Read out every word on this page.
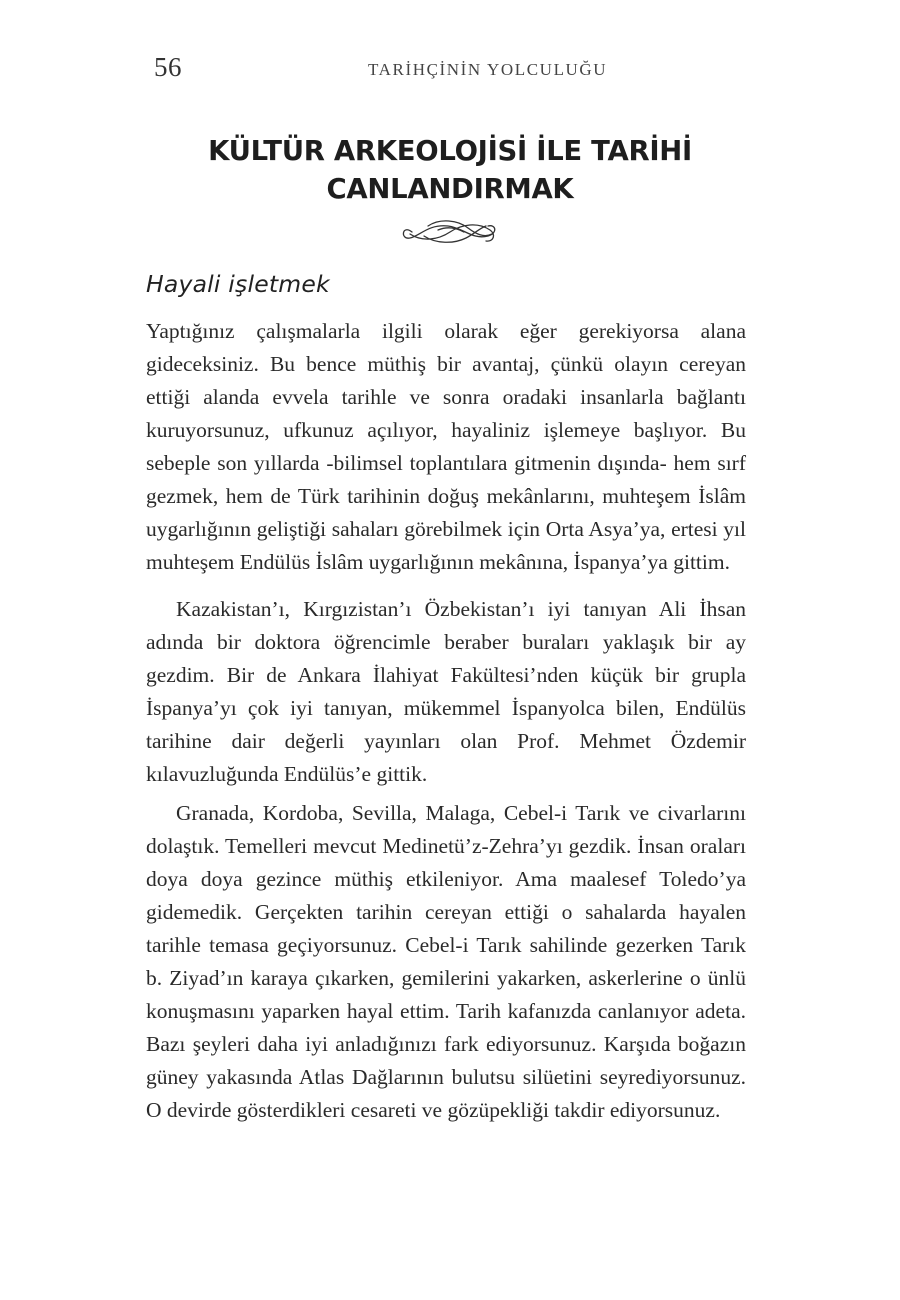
56	TARİHÇİNİN YOLCULUĞU
KÜLTÜR ARKEOLOJİSİ İLE TARİHİ
CANLANDIRMAK
Hayali işletmek

Yaptığınız çalışmalarla ilgili olarak eğer gerekiyorsa alana gideceksiniz. Bu bence müthiş bir avantaj, çünkü olayın cereyan ettiği alanda evvela tarihle ve sonra oradaki insanlarla bağlantı kuruyorsunuz, ufkunuz açılıyor, hayaliniz işlemeye başlıyor. Bu sebeple son yıllarda -bilimsel toplantılara gitmenin dışında- hem sırf gezmek, hem de Türk tarihinin doğuş mekânlarını, muhteşem İslâm uygarlığının geliştiği sahaları görebilmek için Orta Asya’ya, ertesi yıl muhteşem Endülüs İslâm uygarlığının mekânına, İspanya’ya gittim.

Kazakistan’ı, Kırgızistan’ı Özbekistan’ı iyi tanıyan Ali İhsan adında bir doktora öğrencimle beraber buraları yaklaşık bir ay gezdim. Bir de Ankara İlahiyat Fakültesi’nden küçük bir grupla İspanya’yı çok iyi tanıyan, mükemmel İspanyolca bilen, Endülüs tarihine dair değerli yayınları olan Prof. Mehmet Özdemir kılavuzluğunda Endülüs’e gittik.

Granada, Kordoba, Sevilla, Malaga, Cebel-i Tarık ve civarlarını dolaştık. Temelleri mevcut Medinetü’z-Zehra’yı gezdik. İnsan oraları doya doya gezince müthiş etkileniyor. Ama maalesef Toledo’ya gidemedik. Gerçekten tarihin cereyan ettiği o sahalarda hayalen tarihle temasa geçiyorsunuz. Cebel-i Tarık sahilinde gezerken Tarık b. Ziyad’ın karaya çıkarken, gemilerini yakarken, askerlerine o ünlü konuşmasını yaparken hayal ettim. Tarih kafanızda canlanıyor adeta. Bazı şeyleri daha iyi anladığınızı fark ediyorsunuz. Karşıda boğazın güney yakasında Atlas Dağlarının bulutsu silüetini seyrediyorsunuz. O devirde gösterdikleri cesareti ve gözüpekliği takdir ediyorsunuz.
